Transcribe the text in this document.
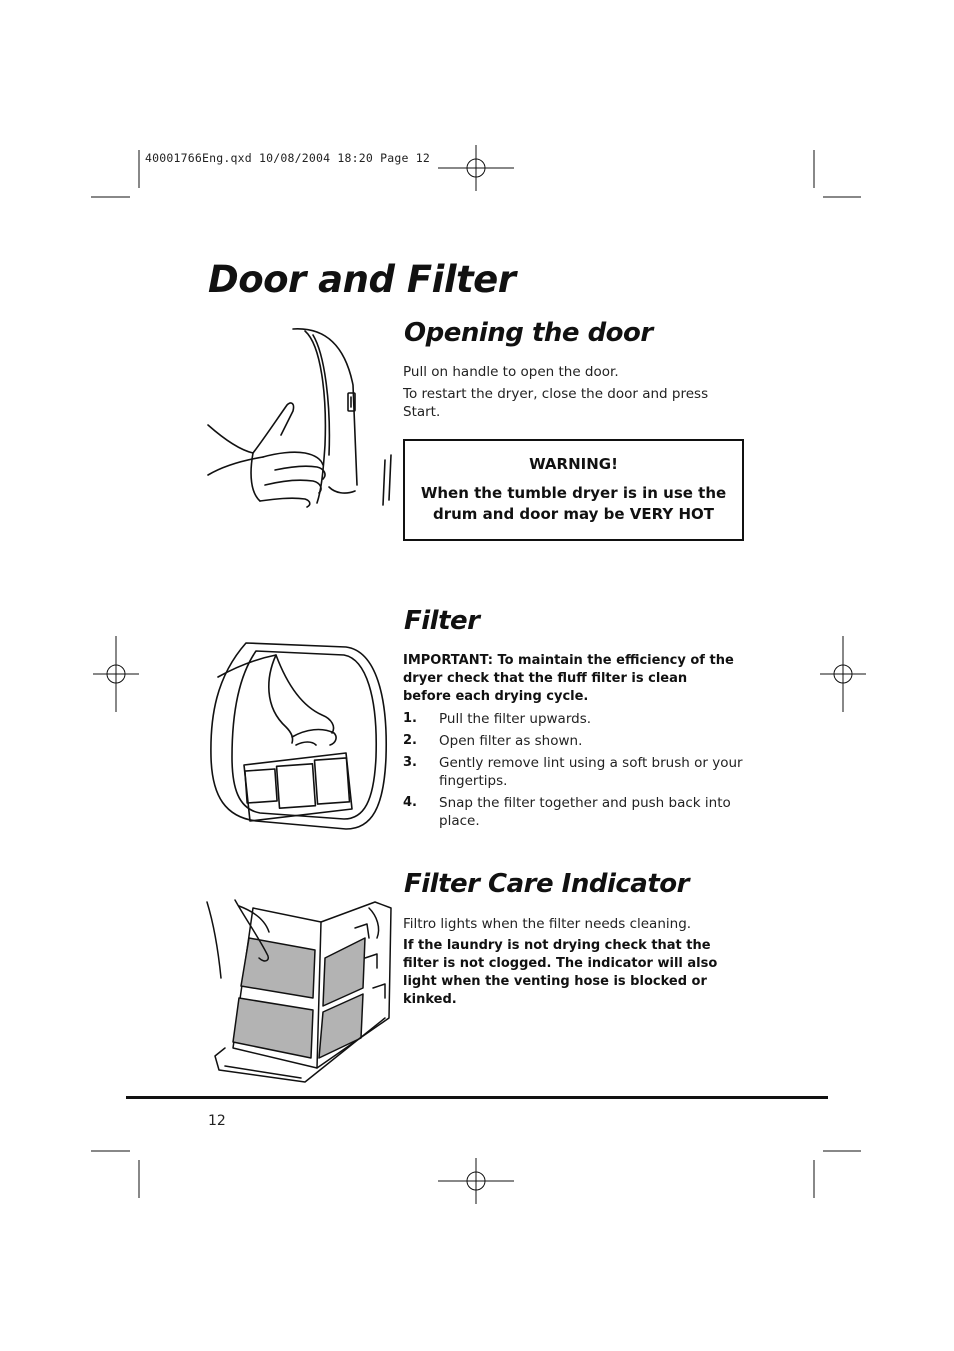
40001766Eng.qxd 10/08/2004 18:20 Page 12
Door and Filter
Opening the door
Pull on handle to open the door.
To restart the dryer, close the door and press Start.
WARNING!
When the tumble dryer is in use the drum and door may be VERY HOT
Filter
IMPORTANT: To maintain the efficiency of the dryer check that the fluff filter is clean before each drying cycle.
1. Pull the filter upwards.
2. Open filter as shown.
3. Gently remove lint using a soft brush or your fingertips.
4. Snap the filter together and push back into place.
Filter Care Indicator
Filtro lights when the filter needs cleaning.
If the laundry is not drying check that the filter is not clogged. The indicator will also light when the venting hose is blocked or kinked.
12
